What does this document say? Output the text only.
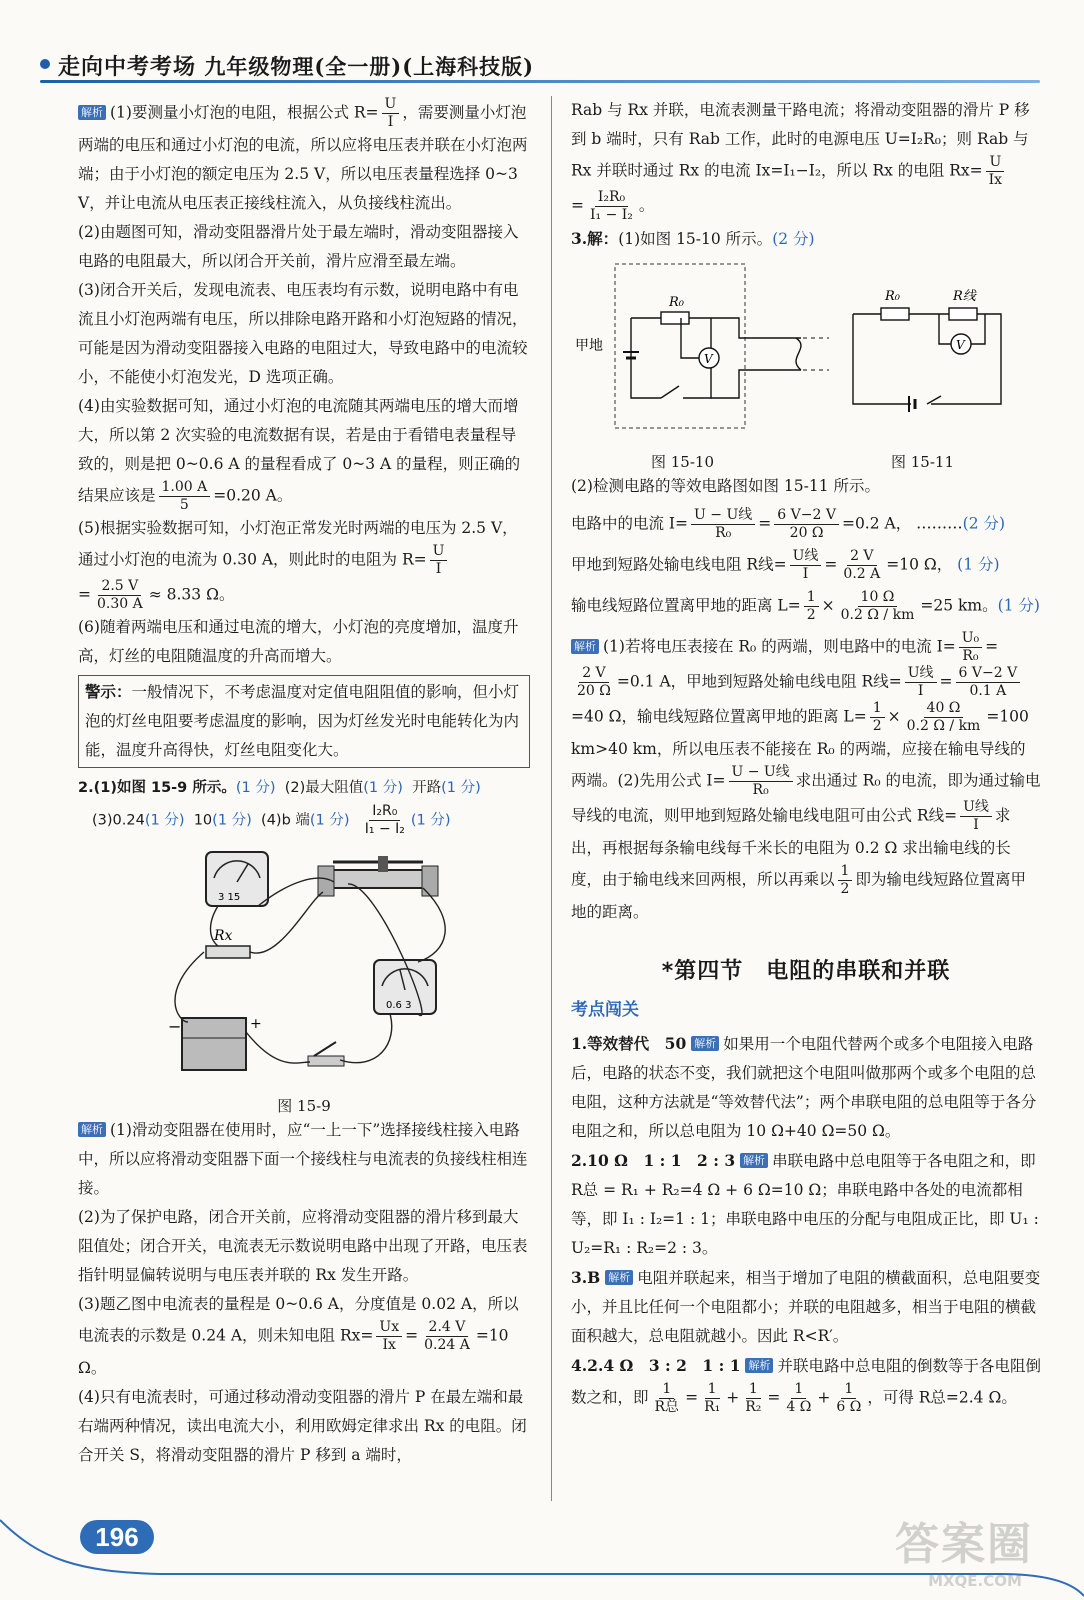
走向中考考场 九年级物理(全一册)(上海科技版)

解析 (1)要测量小灯泡的电阻，根据公式 $R= \frac{U}{I}$ ，需要测量小灯泡两端的电压和通过小灯泡的电流，所以应将电压表并联在小灯泡两端；由于小灯泡的额定电压为 2.5 V，所以电压表量程选择 0~3 V，并让电流从电压表正接线柱流入，从负接线柱流出。

(2)由题图可知，滑动变阻器滑片处于最左端时，滑动变阻器接入电路的电阻最大，所以闭合开关前，滑片应滑至最左端。

(3)闭合开关后，发现电流表、电压表均有示数，说明电路中有电流且小灯泡两端有电压，所以排除电路开路和小灯泡短路的情况，可能是因为滑动变阻器接入电路的电阻过大，导致电路中的电流较小，不能使小灯泡发光，D 选项正确。

(4)由实验数据可知，通过小灯泡的电流随其两端电压的增大而增大，所以第 2 次实验的电流数据有误，若是由于看错电表量程导致的，则是把 0~0.6 A 的量程看成了 0~3 A 的量程，则正确的结果应该是 $\frac{1.00 A}{5} =0.20$ A。

(5)根据实验数据可知，小灯泡正常发光时两端的电压为 2.5 V，通过小灯泡的电流为 0.30 A，则此时的电阻为 $R= \frac{U}{I}$

= $\frac{2.5 V}{0.30 A} \approx 8.33$ Ω。

(6)随着两端电压和通过电流的增大，小灯泡的亮度增加，温度升高，灯丝的电阻随温度的升高而增大。

警示：一般情况下，不考虑温度对定值电阻阻值的影响，但小灯泡的灯丝电阻要考虑温度的影响，因为灯丝发光时电能转化为内能，温度升高得快，灯丝电阻变化大。

2.(1)如图 15-9 所示。(1 分) (2)最大阻值(1 分) 开路(1 分)

(3)0.24(1 分) 10(1 分) (4)b 端(1 分) $\frac{\text{I₂R₀}}{\text{I₁ − I₂}} (1$ 分)

3 15
Rx
0.6 3
−	+
图 15-9

解析 (1)滑动变阻器在使用时，应“一上一下”选择接线柱接入电路中，所以应将滑动变阻器下面一个接线柱与电流表的负接线柱相连接。

(2)为了保护电路，闭合开关前，应将滑动变阻器的滑片移到最大阻值处；闭合开关，电流表无示数说明电路中出现了开路，电压表指针明显偏转说明与电压表并联的 Rx 发生开路。

(3)题乙图中电流表的量程是 0~0.6 A，分度值是 0.02 A，所以电流表的示数是 0.24 A，则未知电阻 $Rx= \frac{Ux}{Ix} = \frac{2.4 V}{0.24 A} =10$ Ω。

(4)只有电流表时，可通过移动滑动变阻器的滑片 P 在最左端和最右端两种情况，读出电流大小，利用欧姆定律求出 Rx 的电阻。闭合开关 S，将滑动变阻器的滑片 P 移到 a 端时，

Rab 与 Rx 并联，电流表测量干路电流；将滑动变阻器的滑片 P 移到 b 端时，只有 Rab 工作，此时的电源电压 U=I₂R₀；则 Rab 与 Rx 并联时通过 Rx 的电流 Ix=I₁−I₂，所以 Rx 的电阻 $Rx= \frac{U}{Ix}$

= $\frac{\text{I₂R₀}}{\text{I₁ − I₂}}$ 。

3.解：(1)如图 15-10 所示。(2 分)

甲地
V
R₀
V
R₀	R线
图 15-10	图 15-11

(2)检测电路的等效电路图如图 15-11 所示。

电路中的电流 $I= \frac{\text{U − U线}}{\text{R₀}} = \frac{6 V-2 V}{20 \Omega} =0.2$ A， ………(2 分)

甲地到短路处输电线电阻 R线= $\frac{\text{U线}}{I} = \frac{2 V}{0.2 A} =10$ Ω， (1 分)

输电线短路位置离甲地的距离 $L= \frac{1}{2} \times \frac{10 \Omega}{0.2 \Omega / km} =25$ km。(1 分)

解析 (1)若将电压表接在 R₀ 的两端，则电路中的电流 $I= \frac{\text{U₀}}{\text{R₀}}$ =
$\frac{2 V}{20 \Omega} =0.1$ A，甲地到短路处输电线电阻 R线= $\frac{\text{U线}}{I} = \frac{6 V-2 V}{0.1 A}$
=40 Ω，输电线短路位置离甲地的距离 $L= \frac{1}{2} \times \frac{40 \Omega}{0.2 \Omega / km} =100$ km>40 km，所以电压表不能接在 R₀ 的两端，应接在输电导线的两端。(2)先用公式 $I= \frac{\text{U − U线}}{\text{R₀}}$ 求出通过 R₀ 的电流，即为通过输电导线的电流，则甲地到短路处输电线电阻可由公式 R线= $\frac{\text{U线}}{I}$ 求出，再根据每条输电线每千米长的电阻为 0.2 Ω 求出输电线的长度，由于输电线来回两根，所以再乘以 $\frac{1}{2}$ 即为输电线短路位置离甲地的距离。

*第四节　电阻的串联和并联
考点闯关

1.等效替代　50 解析 如果用一个电阻代替两个或多个电阻接入电路后，电路的状态不变，我们就把这个电阻叫做那两个或多个电阻的总电阻，这种方法就是“等效替代法”；两个串联电阻的总电阻等于各分电阻之和，所以总电阻为 10 Ω+40 Ω=50 Ω。

2.10 Ω　1 : 1　2 : 3 解析 串联电路中总电阻等于各电阻之和，即 R总 = R₁ + R₂=4 Ω + 6 Ω=10 Ω；串联电路中各处的电流都相等，即 I₁ : I₂=1 : 1；串联电路中电压的分配与电阻成正比，即 U₁ : U₂=R₁ : R₂=2 : 3。

3.B 解析 电阻并联起来，相当于增加了电阻的横截面积，总电阻要变小，并且比任何一个电阻都小；并联的电阻越多，相当于电阻的横截面积越大，总电阻就越小。因此 R<R′。

4.2.4 Ω　3 : 2　1 : 1 解析 并联电路中总电阻的倒数等于各电阻倒数之和，即 $\frac{1}{\text{R总}} = \frac{1}{\text{R₁}} + \frac{1}{\text{R₂}} = \frac{1}{4 \Omega} + \frac{1}{6 \Omega}$ ，可得 R总=2.4 Ω。

196	答案圈
MXQE.COM
